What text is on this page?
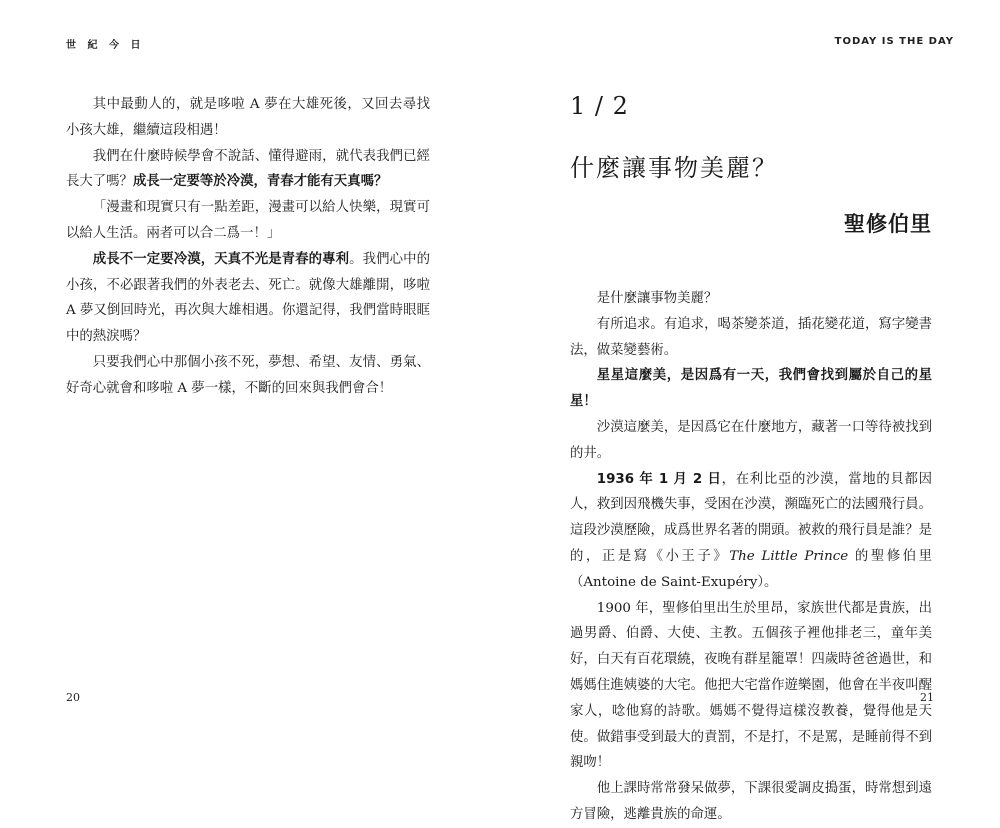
世 紀 今 日

其中最動人的，就是哆啦 A 夢在大雄死後，又回去尋找小孩大雄，繼續這段相遇！

我們在什麼時候學會不說話、懂得避雨，就代表我們已經長大了嗎？成長一定要等於冷漠，青春才能有天真嗎？

「漫畫和現實只有一點差距，漫畫可以給人快樂，現實可以給人生活。兩者可以合二爲一！」

成長不一定要冷漠，天真不光是青春的專利。我們心中的小孩，不必跟著我們的外表老去、死亡。就像大雄離開，哆啦 A 夢又倒回時光，再次與大雄相遇。你還記得，我們當時眼眶中的熱淚嗎？

只要我們心中那個小孩不死，夢想、希望、友情、勇氣、好奇心就會和哆啦 A 夢一樣，不斷的回來與我們會合！

20
TODAY IS THE DAY
1 / 2
什麼讓事物美麗？
聖修伯里
21

是什麼讓事物美麗？

有所追求。有追求，喝茶變茶道，插花變花道，寫字變書法，做菜變藝術。

星星這麼美，是因爲有一天，我們會找到屬於自己的星星！

沙漠這麼美，是因爲它在什麼地方，藏著一口等待被找到的井。

1936 年 1 月 2 日，在利比亞的沙漠，當地的貝都因人，救到因飛機失事，受困在沙漠，瀕臨死亡的法國飛行員。這段沙漠歷險，成爲世界名著的開頭。被救的飛行員是誰？是的，正是寫《小王子》The Little Prince 的聖修伯里（Antoine de Saint-Exupéry）。

1900 年，聖修伯里出生於里昂，家族世代都是貴族，出過男爵、伯爵、大使、主教。五個孩子裡他排老三，童年美好，白天有百花環繞，夜晚有群星籠罩！四歲時爸爸過世，和媽媽住進姨婆的大宅。他把大宅當作遊樂園，他會在半夜叫醒家人，唸他寫的詩歌。媽媽不覺得這樣沒教養，覺得他是天使。做錯事受到最大的責罰，不是打，不是罵，是睡前得不到親吻！

他上課時常常發呆做夢，下課很愛調皮搗蛋，時常想到遠方冒險，逃離貴族的命運。
